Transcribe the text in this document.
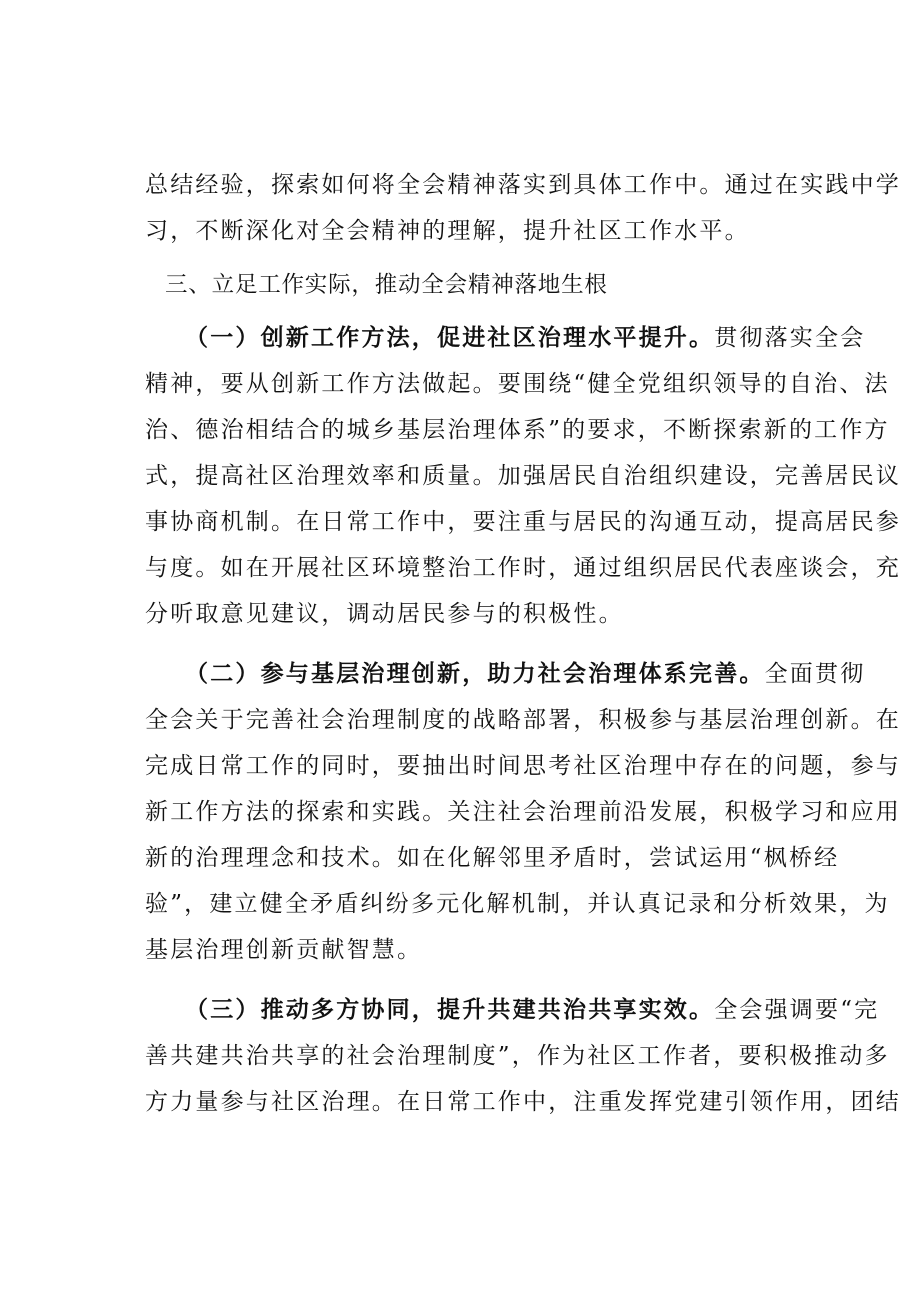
总结经验，探索如何将全会精神落实到具体工作中。通过在实践中学
习，不断深化对全会精神的理解，提升社区工作水平。
三、立足工作实际，推动全会精神落地生根
（一）创新工作方法，促进社区治理水平提升。贯彻落实全会
精神，要从创新工作方法做起。要围绕“健全党组织领导的自治、法
治、德治相结合的城乡基层治理体系”的要求，不断探索新的工作方
式，提高社区治理效率和质量。加强居民自治组织建设，完善居民议
事协商机制。在日常工作中，要注重与居民的沟通互动，提高居民参
与度。如在开展社区环境整治工作时，通过组织居民代表座谈会，充
分听取意见建议，调动居民参与的积极性。
（二）参与基层治理创新，助力社会治理体系完善。全面贯彻
全会关于完善社会治理制度的战略部署，积极参与基层治理创新。在
完成日常工作的同时，要抽出时间思考社区治理中存在的问题，参与
新工作方法的探索和实践。关注社会治理前沿发展，积极学习和应用
新的治理理念和技术。如在化解邻里矛盾时，尝试运用“枫桥经
验”，建立健全矛盾纠纷多元化解机制，并认真记录和分析效果，为
基层治理创新贡献智慧。
（三）推动多方协同，提升共建共治共享实效。全会强调要“完
善共建共治共享的社会治理制度”，作为社区工作者，要积极推动多
方力量参与社区治理。在日常工作中，注重发挥党建引领作用，团结
